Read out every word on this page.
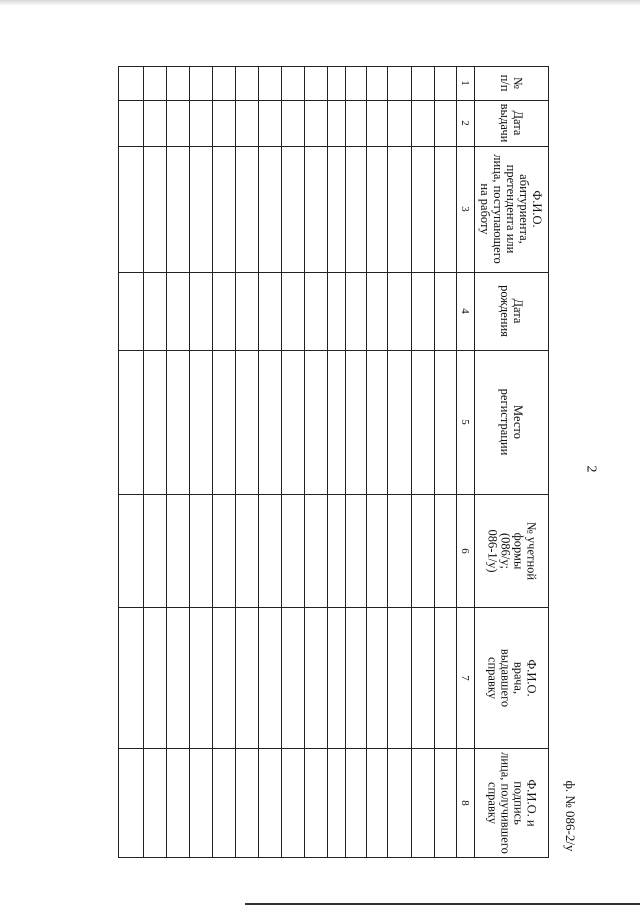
2
ф. № 086-2/у
№
п/п
1
Дата
выдачи
2
Ф.И.О.
абитуриента,
претендента или
лица, поступающего
на работу
3
Дата
рождения
4
Место
регистрации
5
№ учетной
формы
(086/у;
086-1/у)
6
Ф.И.О.
врача,
выдавшего
справку
7
Ф.И.О. и
подпись
лица, получившего
справку
8
